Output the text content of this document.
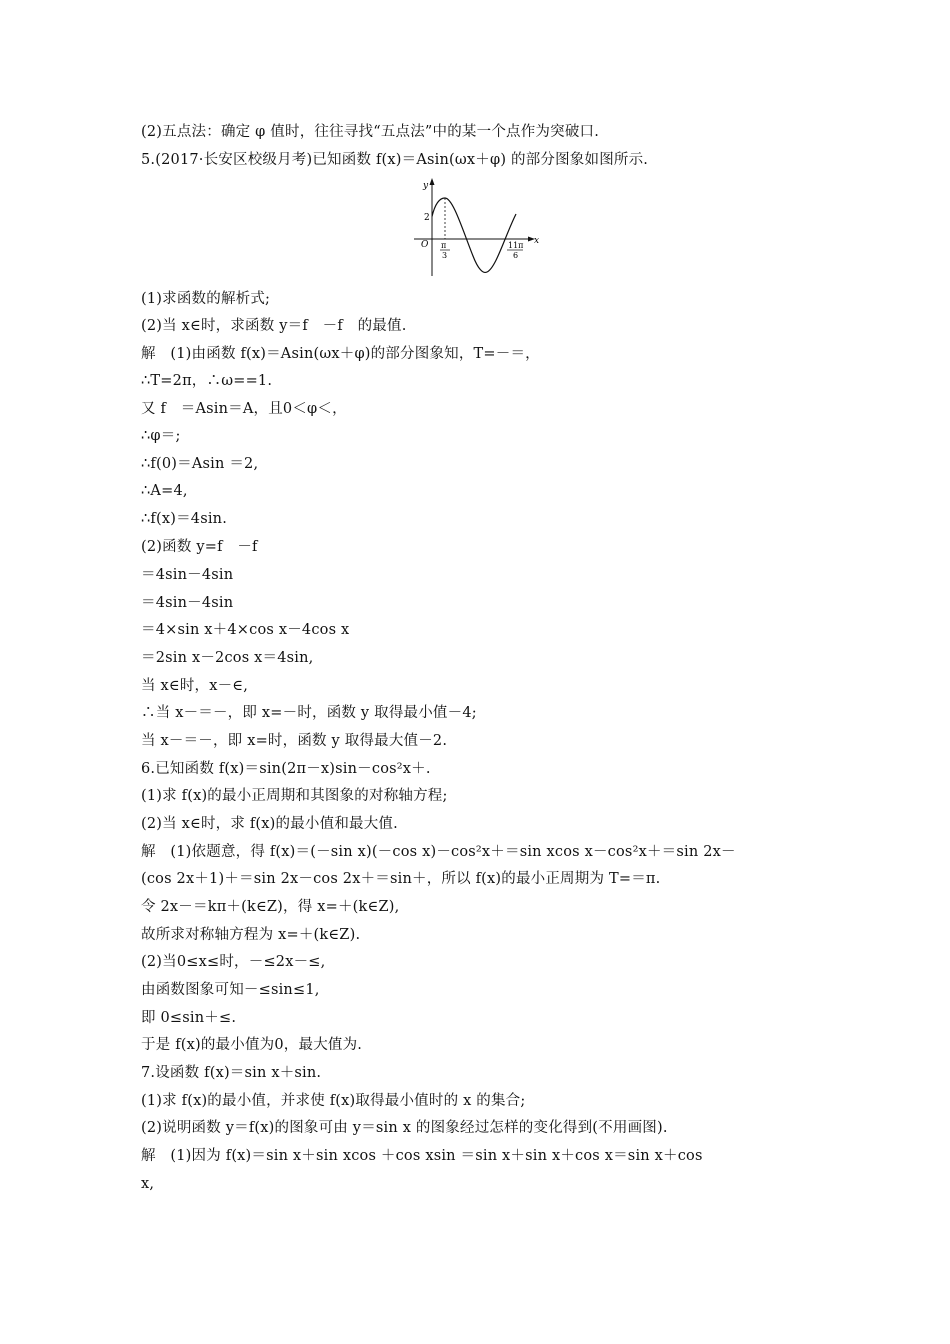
(2)五点法：确定 φ 值时，往往寻找“五点法”中的某一个点作为突破口.
5.(2017·长安区校级月考)已知函数 f(x)＝Asin(ωx＋φ) 的部分图象如图所示.
y
x
O
2
π
3
11π
6
(1)求函数的解析式;
(2)当 x∈时，求函数 y＝f　－f　的最值.
解　(1)由函数 f(x)＝Asin(ωx＋φ)的部分图象知，T=－＝，
∴T=2π，∴ω==1.
又 f　＝Asin＝A，且0＜φ＜，
∴φ＝;
∴f(0)＝Asin ＝2,
∴A=4,
∴f(x)＝4sin.
(2)函数 y=f　－f
＝4sin－4sin
＝4sin－4sin
＝4×sin x＋4×cos x－4cos x
＝2sin x－2cos x＝4sin,
当 x∈时，x－∈,
∴当 x－＝－，即 x=－时，函数 y 取得最小值－4;
当 x－＝－，即 x=时，函数 y 取得最大值－2.
6.已知函数 f(x)＝sin(2π－x)sin－cos²x＋.
(1)求 f(x)的最小正周期和其图象的对称轴方程;
(2)当 x∈时，求 f(x)的最小值和最大值.
解　(1)依题意，得 f(x)＝(－sin x)(－cos x)－cos²x＋＝sin xcos x－cos²x＋＝sin 2x－
(cos 2x＋1)＋＝sin 2x－cos 2x＋＝sin＋，所以 f(x)的最小正周期为 T=＝π.
令 2x－＝kπ＋(k∈Z)，得 x=＋(k∈Z),
故所求对称轴方程为 x=＋(k∈Z).
(2)当0≤x≤时，－≤2x－≤,
由函数图象可知－≤sin≤1,
即 0≤sin＋≤.
于是 f(x)的最小值为0，最大值为.
7.设函数 f(x)＝sin x＋sin.
(1)求 f(x)的最小值，并求使 f(x)取得最小值时的 x 的集合;
(2)说明函数 y＝f(x)的图象可由 y＝sin x 的图象经过怎样的变化得到(不用画图).
解　(1)因为 f(x)＝sin x＋sin xcos ＋cos xsin ＝sin x＋sin x＋cos x＝sin x＋cos
x,
